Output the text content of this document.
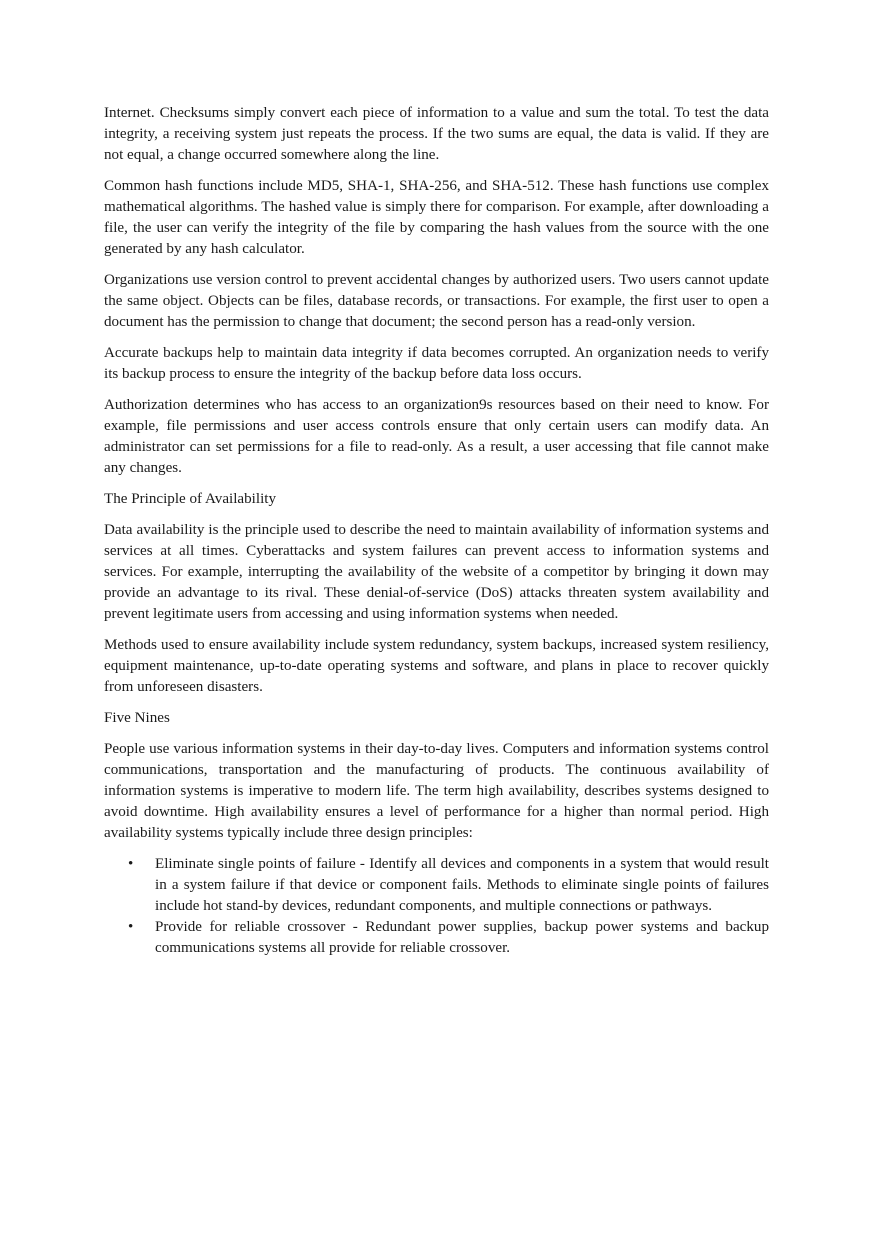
Internet. Checksums simply convert each piece of information to a value and sum the total. To test the data integrity, a receiving system just repeats the process. If the two sums are equal, the data is valid. If they are not equal, a change occurred somewhere along the line.

Common hash functions include MD5, SHA-1, SHA-256, and SHA-512. These hash functions use complex mathematical algorithms. The hashed value is simply there for comparison. For example, after downloading a file, the user can verify the integrity of the file by comparing the hash values from the source with the one generated by any hash calculator.

Organizations use version control to prevent accidental changes by authorized users. Two users cannot update the same object. Objects can be files, database records, or transactions. For example, the first user to open a document has the permission to change that document; the second person has a read-only version.

Accurate backups help to maintain data integrity if data becomes corrupted. An organization needs to verify its backup process to ensure the integrity of the backup before data loss occurs.

Authorization determines who has access to an organization9s resources based on their need to know. For example, file permissions and user access controls ensure that only certain users can modify data. An administrator can set permissions for a file to read-only. As a result, a user accessing that file cannot make any changes.

The Principle of Availability

Data availability is the principle used to describe the need to maintain availability of information systems and services at all times. Cyberattacks and system failures can prevent access to information systems and services. For example, interrupting the availability of the website of a competitor by bringing it down may provide an advantage to its rival. These denial-of-service (DoS) attacks threaten system availability and prevent legitimate users from accessing and using information systems when needed.

Methods used to ensure availability include system redundancy, system backups, increased system resiliency, equipment maintenance, up-to-date operating systems and software, and plans in place to recover quickly from unforeseen disasters.

Five Nines

People use various information systems in their day-to-day lives. Computers and information systems control communications, transportation and the manufacturing of products. The continuous availability of information systems is imperative to modern life. The term high availability, describes systems designed to avoid downtime. High availability ensures a level of performance for a higher than normal period. High availability systems typically include three design principles:

• Eliminate single points of failure - Identify all devices and components in a system that would result in a system failure if that device or component fails. Methods to eliminate single points of failures include hot stand-by devices, redundant components, and multiple connections or pathways.
• Provide for reliable crossover - Redundant power supplies, backup power systems and backup communications systems all provide for reliable crossover.
